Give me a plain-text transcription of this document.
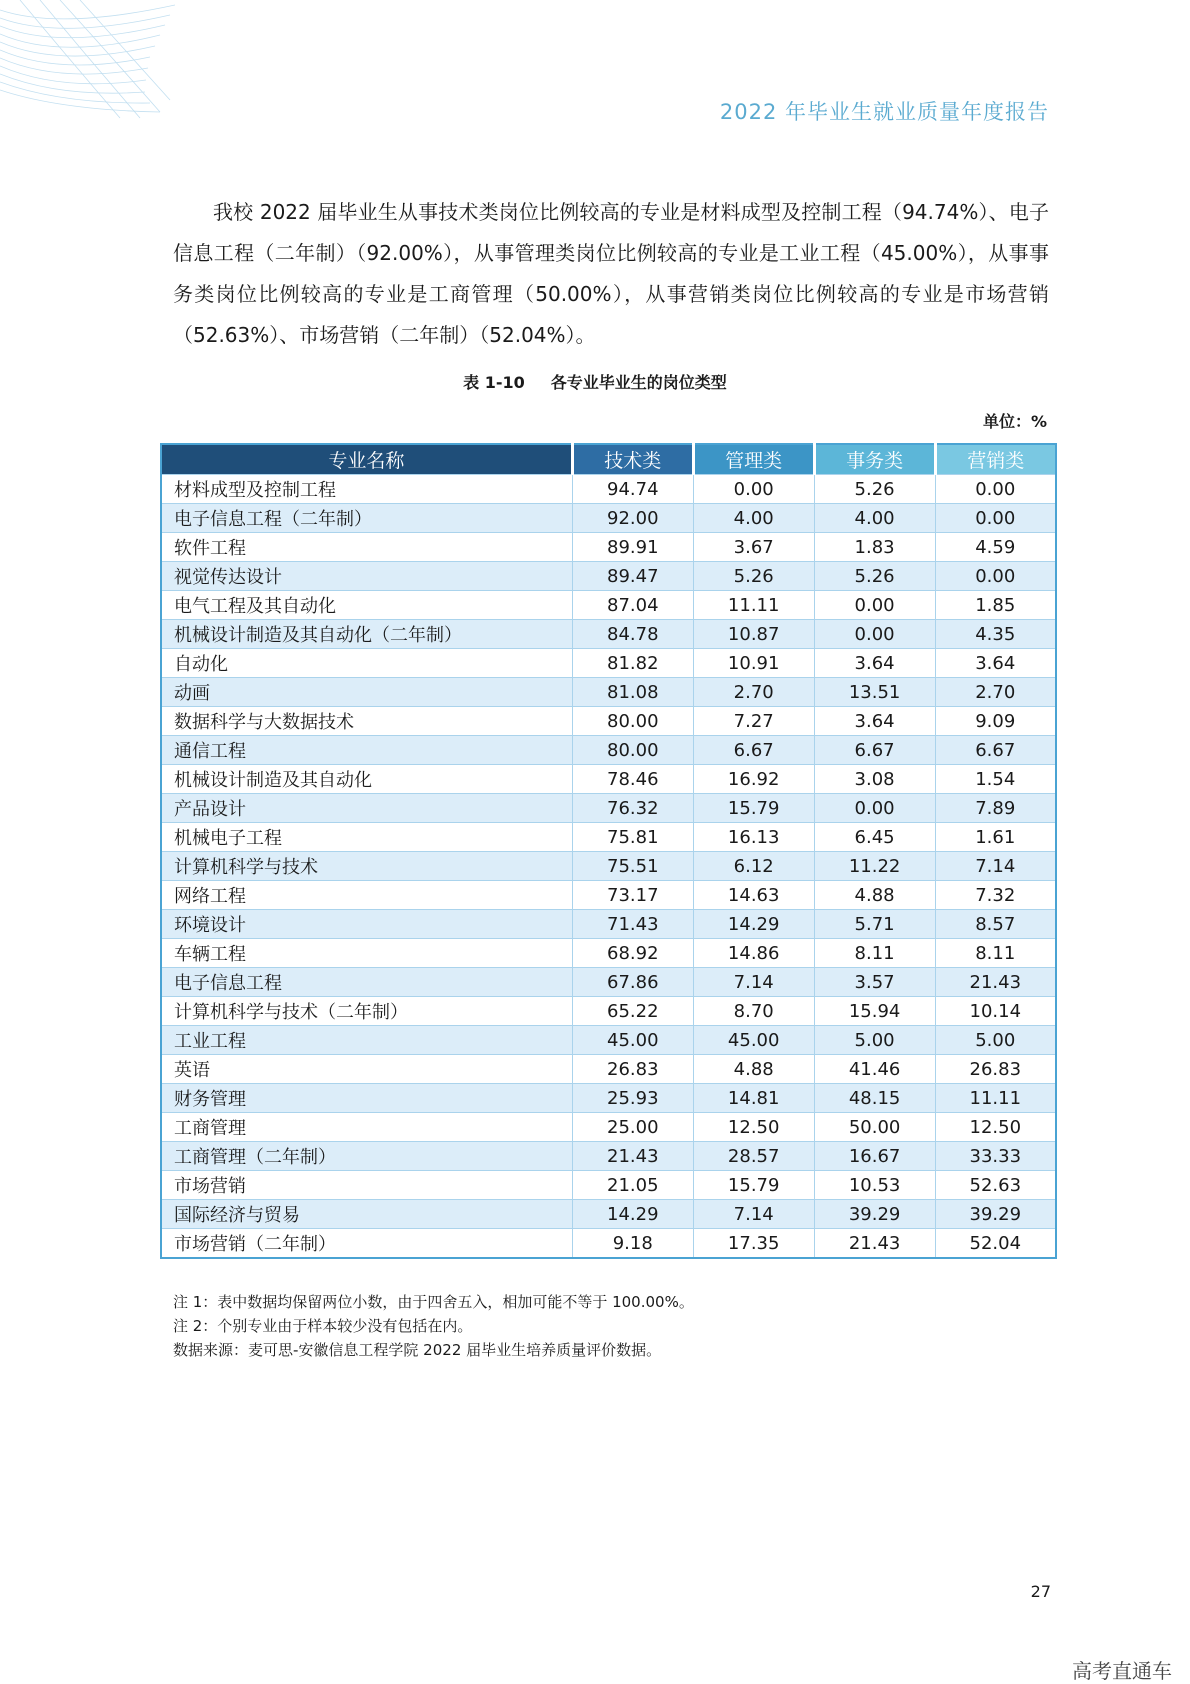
2022 年毕业生就业质量年度报告

我校 2022 届毕业生从事技术类岗位比例较高的专业是材料成型及控制工程（94.74%）、电子信息工程（二年制）（92.00%），从事管理类岗位比例较高的专业是工业工程（45.00%），从事事务类岗位比例较高的专业是工商管理（50.00%），从事营销类岗位比例较高的专业是市场营销（52.63%）、市场营销（二年制）（52.04%）。

表 1-10 各专业毕业生的岗位类型
单位：%
专业名称	技术类	管理类	事务类	营销类
材料成型及控制工程	94.74	0.00	5.26	0.00
电子信息工程（二年制）	92.00	4.00	4.00	0.00
软件工程	89.91	3.67	1.83	4.59
视觉传达设计	89.47	5.26	5.26	0.00
电气工程及其自动化	87.04	11.11	0.00	1.85
机械设计制造及其自动化（二年制）	84.78	10.87	0.00	4.35
自动化	81.82	10.91	3.64	3.64
动画	81.08	2.70	13.51	2.70
数据科学与大数据技术	80.00	7.27	3.64	9.09
通信工程	80.00	6.67	6.67	6.67
机械设计制造及其自动化	78.46	16.92	3.08	1.54
产品设计	76.32	15.79	0.00	7.89
机械电子工程	75.81	16.13	6.45	1.61
计算机科学与技术	75.51	6.12	11.22	7.14
网络工程	73.17	14.63	4.88	7.32
环境设计	71.43	14.29	5.71	8.57
车辆工程	68.92	14.86	8.11	8.11
电子信息工程	67.86	7.14	3.57	21.43
计算机科学与技术（二年制）	65.22	8.70	15.94	10.14
工业工程	45.00	45.00	5.00	5.00
英语	26.83	4.88	41.46	26.83
财务管理	25.93	14.81	48.15	11.11
工商管理	25.00	12.50	50.00	12.50
工商管理（二年制）	21.43	28.57	16.67	33.33
市场营销	21.05	15.79	10.53	52.63
国际经济与贸易	14.29	7.14	39.29	39.29
市场营销（二年制）	9.18	17.35	21.43	52.04
注 1：表中数据均保留两位小数，由于四舍五入，相加可能不等于 100.00%。
注 2：个别专业由于样本较少没有包括在内。
数据来源：麦可思-安徽信息工程学院 2022 届毕业生培养质量评价数据。
27
高考直通车
